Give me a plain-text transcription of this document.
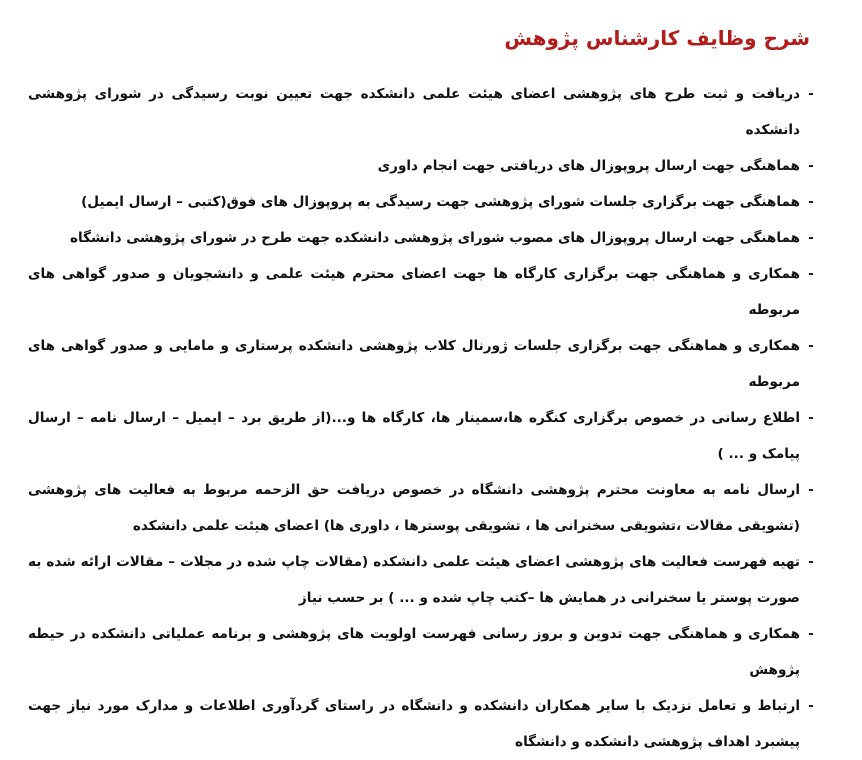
شرح وظایف کارشناس پژوهش
-
دریافت و ثبت طرح های پژوهشی اعضای هیئت علمی دانشکده جهت تعیین نوبت رسیدگی در شورای پژوهشی دانشکده
-
هماهنگی جهت ارسال پروپوزال های دریافتی جهت انجام داوری
-
هماهنگی جهت برگزاری جلسات شورای پژوهشی جهت رسیدگی به پروپوزال های فوق(کتبی – ارسال ایمیل)
-
هماهنگی جهت ارسال پروپوزال های مصوب شورای پژوهشی دانشکده جهت طرح در شورای پژوهشی دانشگاه
-
همکاری و هماهنگی جهت برگزاری کارگاه ها جهت اعضای محترم هیئت علمی و دانشجویان و صدور گواهی های مربوطه
-
همکاری و هماهنگی جهت برگزاری جلسات ژورنال کلاب پژوهشی دانشکده پرستاری و مامایی و صدور گواهی های مربوطه
-
اطلاع رسانی در خصوص برگزاری کنگره ها،سمینار ها، کارگاه ها و...(از طریق برد – ایمیل – ارسال نامه – ارسال پیامک و ... )
-
ارسال نامه به معاونت محترم پژوهشی دانشگاه در خصوص دریافت حق الزحمه مربوط به فعالیت های پژوهشی (تشویقی مقالات ،تشویقی سخنرانی ها ، تشویقی پوسترها ، داوری ها) اعضای هیئت علمی دانشکده
-
تهیه فهرست فعالیت های پژوهشی اعضای هیئت علمی دانشکده (مقالات چاپ شده در مجلات – مقالات ارائه شده به صورت پوستر یا سخنرانی در همایش ها –کتب چاپ شده و ... ) بر حسب نیاز
-
همکاری و هماهنگی جهت تدوین و بروز رسانی فهرست اولویت های پژوهشی و برنامه عملیاتی دانشکده در حیطه پژوهش
-
ارتباط و تعامل نزدیک با سایر همکاران دانشکده و دانشگاه در راستای گردآوری اطلاعات و مدارک مورد نیاز جهت پیشبرد اهداف پژوهشی دانشکده و دانشگاه
